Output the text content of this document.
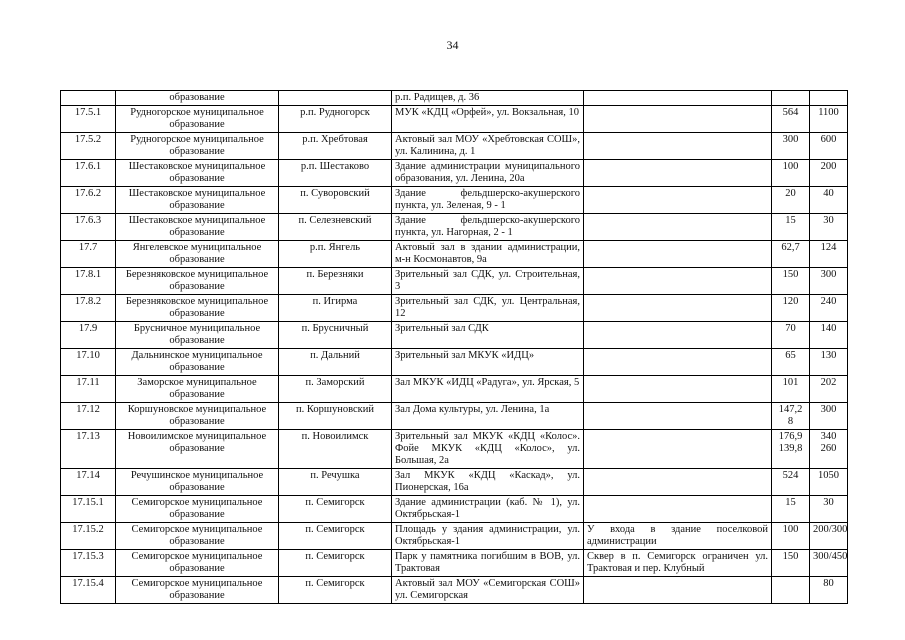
34
	образование		р.п. Радищев, д. 36			
17.5.1	Рудногорское муниципальное образование	р.п. Рудногорск	МУК «КДЦ «Орфей», ул. Вокзальная, 10		564	1100
17.5.2	Рудногорское муниципальное образование	р.п. Хребтовая	Актовый зал МОУ «Хребтовская СОШ», ул. Калинина, д. 1		300	600
17.6.1	Шестаковское муниципальное образование	р.п. Шестаково	Здание администрации муниципального образования, ул. Ленина, 20а		100	200
17.6.2	Шестаковское муниципальное образование	п. Суворовский	Здание фельдшерско-акушерского пункта, ул. Зеленая, 9 - 1		20	40
17.6.3	Шестаковское муниципальное образование	п. Селезневский	Здание фельдшерско-акушерского пункта, ул. Нагорная, 2 - 1		15	30
17.7	Янгелевское муниципальное образование	р.п. Янгель	Актовый зал в здании администрации, м-н Космонавтов, 9а		62,7	124
17.8.1	Березняковское муниципальное образование	п. Березняки	Зрительный зал СДК, ул. Строительная, 3		150	300
17.8.2	Березняковское муниципальное образование	п. Игирма	Зрительный зал СДК, ул. Центральная, 12		120	240
17.9	Брусничное муниципальное образование	п. Брусничный	Зрительный зал СДК		70	140
17.10	Дальнинское муниципальное образование	п. Дальний	Зрительный зал МКУК «ИДЦ»		65	130
17.11	Заморское муниципальное образование	п. Заморский	Зал МКУК «ИДЦ «Радуга», ул. Ярская, 5		101	202
17.12	Коршуновское муниципальное образование	п. Коршуновский	Зал Дома культуры, ул. Ленина, 1а		147,2 8	300
17.13	Новоилимское муниципальное образование	п. Новоилимск	Зрительный зал МКУК «КДЦ «Колос». Фойе МКУК «КДЦ «Колос», ул. Большая, 2а		176,9 139,8	340 260
17.14	Речушинское муниципальное образование	п. Речушка	Зал МКУК «КДЦ «Каскад», ул. Пионерская, 16а		524	1050
17.15.1	Семигорское муниципальное образование	п. Семигорск	Здание администрации (каб. № 1), ул. Октябрьская-1		15	30
17.15.2	Семигорское муниципальное образование	п. Семигорск	Площадь у здания администрации, ул. Октябрьская-1	У входа в здание поселковой администрации	100	200/300
17.15.3	Семигорское муниципальное образование	п. Семигорск	Парк у памятника погибшим в ВОВ, ул. Трактовая	Сквер в п. Семигорск ограничен ул. Трактовая и пер. Клубный	150	300/450
17.15.4	Семигорское муниципальное образование	п. Семигорск	Актовый зал МОУ «Семигорская СОШ» ул. Семигорская			80
